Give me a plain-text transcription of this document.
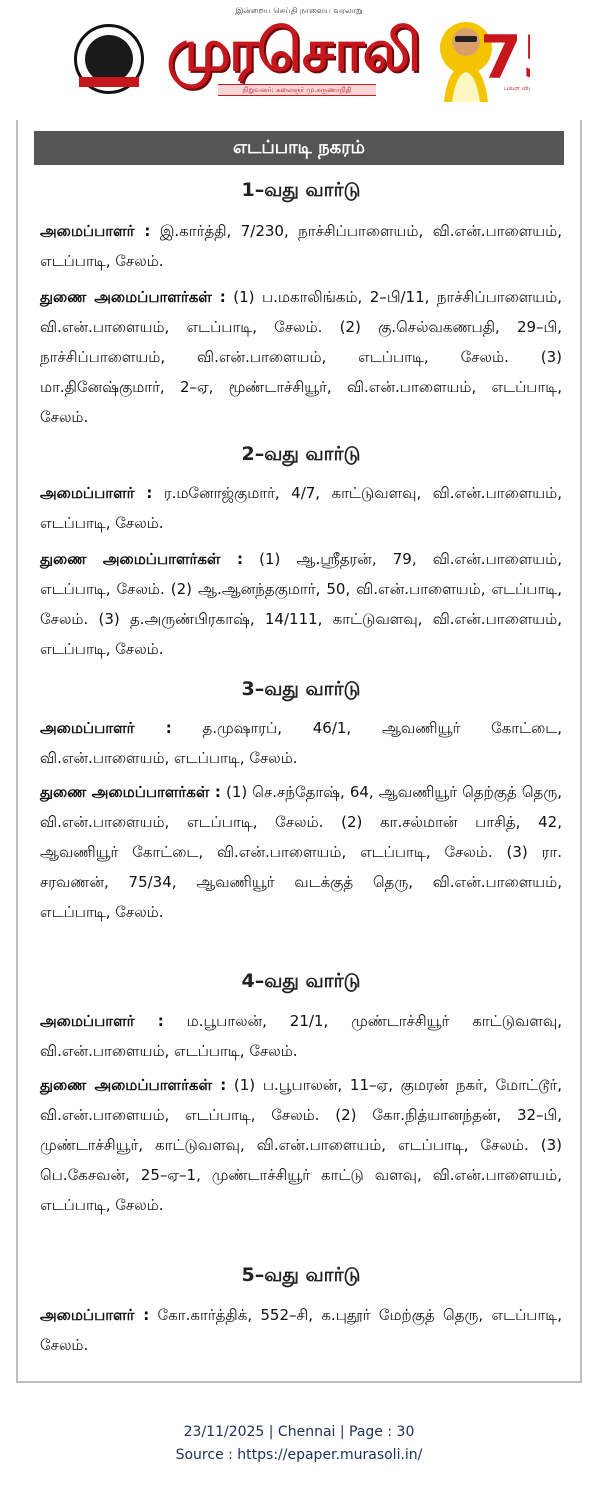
இன்றைய செய்தி நாளைய வரலாறு
முரசொலி
நிறுவனர்: கலைஞர் மு.கருணாநிதி	7
பவள வி
எடப்பாடி நகரம்
1–வது வார்டு

அமைப்பாளர் : இ.கார்த்தி, 7/230, நாச்சிப்பாளையம், வி.என்.பாளையம், எடப்பாடி, சேலம்.

துணை அமைப்பாளர்கள் : (1) ப.மகாலிங்கம், 2–பி/11, நாச்சிப்பாளையம், வி.என்.பாளையம், எடப்பாடி, சேலம். (2) கு.செல்வகணபதி, 29–பி, நாச்சிப்பாளையம், வி.என்.பாளையம், எடப்பாடி, சேலம். (3) மா.தினேஷ்குமார், 2–ஏ, மூண்டாச்சியூர், வி.என்.பாளையம், எடப்பாடி, சேலம்.

2–வது வார்டு

அமைப்பாளர் : ர.மனோஜ்குமார், 4/7, காட்டுவளவு, வி.என்.பாளையம், எடப்பாடி, சேலம்.

துணை அமைப்பாளர்கள் : (1) ஆ.ஸ்ரீதரன், 79, வி.என்.பாளையம், எடப்பாடி, சேலம். (2) ஆ.ஆனந்தகுமார், 50, வி.என்.பாளையம், எடப்பாடி, சேலம். (3) த.அருண்பிரகாஷ், 14/111, காட்டுவளவு, வி.என்.பாளையம், எடப்பாடி, சேலம்.

3–வது வார்டு

அமைப்பாளர் : த.முஷாரப், 46/1, ஆவணியூர் கோட்டை, வி.என்.பாளையம், எடப்பாடி, சேலம்.

துணை அமைப்பாளர்கள் : (1) செ.சந்தோஷ், 64, ஆவணியூர் தெற்குத் தெரு, வி.என்.பாளையம், எடப்பாடி, சேலம். (2) கா.சல்மான் பாசித், 42, ஆவணியூர் கோட்டை, வி.என்.பாளையம், எடப்பாடி, சேலம். (3) ரா. சரவணன், 75/34, ஆவணியூர் வடக்குத் தெரு, வி.என்.பாளையம், எடப்பாடி, சேலம்.

4–வது வார்டு

அமைப்பாளர் : ம.பூபாலன், 21/1, முண்டாச்சியூர் காட்டுவளவு, வி.என்.பாளையம், எடப்பாடி, சேலம்.

துணை அமைப்பாளர்கள் : (1) ப.பூபாலன், 11–ஏ, குமரன் நகர், மோட்டூர், வி.என்.பாளையம், எடப்பாடி, சேலம். (2) கோ.நித்யானந்தன், 32–பி, முண்டாச்சியூர், காட்டுவளவு, வி.என்.பாளையம், எடப்பாடி, சேலம். (3) பெ.கேசவன், 25–ஏ–1, முண்டாச்சியூர் காட்டு வளவு, வி.என்.பாளையம், எடப்பாடி, சேலம்.

5–வது வார்டு

அமைப்பாளர் : கோ.கார்த்திக், 552–சி, க.புதூர் மேற்குத் தெரு, எடப்பாடி, சேலம்.

23/11/2025 | Chennai | Page : 30
Source : https://epaper.murasoli.in/
